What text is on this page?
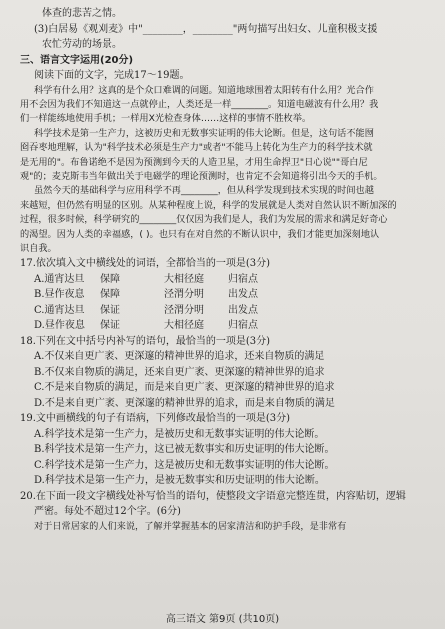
体查的悲苦之情。

(3)白居易《观刈麦》中"________，________"两句描写出妇女、儿童积极支援

农忙劳动的场景。

三、语言文字运用(20分)

阅读下面的文字，完成17～19题。

科学有什么用？这真的是个众口难调的问题。知道地球围着太阳转有什么用？光合作

用不会因为我们不知道这一点就停止，人类还是一样________。知道电磁波有什么用？我

们一样能练地使用手机；一样用X光检查身体……这样的事情不胜枚举。

科学技术是第一生产力，这被历史和无数事实证明的伟大论断。但是，这句话不能囫

囵吞枣地理解，认为"科学技术必须是生产力"或者"不能马上转化为生产力的科学技术就

是无用的"。布鲁诺绝不是因为预测到今天的人造卫星，才用生命捍卫"日心说""哥白尼

观"的；麦克斯韦当年做出关于电磁学的理论预测时，也肯定不会知道将引出今天的手机。

虽然今天的基础科学与应用科学不再________，但从科学发现到技术实现的时间也越

来越短，但仍然有明显的区别。从某种程度上说，科学的发展就是人类对自然认识不断加深的

过程，很多时候，科学研究的________仅仅因为我们是人，我们为发展的需求和满足好奇心

的渴望。因为人类的幸福感，( )。也只有在对自然的不断认识中，我们才能更加深刻地认

识自我。

17.依次填入文中横线处的词语，全都恰当的一项是(3分)

A.通宵达旦	保障	大相径庭	归宿点
B.昼作夜息	保障	泾渭分明	出发点
C.通宵达旦	保证	泾渭分明	出发点
D.昼作夜息	保证	大相径庭	归宿点

18.下列在文中括号内补写的语句，最恰当的一项是(3分)

A.不仅来自更广袤、更深邃的精神世界的追求，还来自物质的满足

B.不仅来自物质的满足，还来自更广袤、更深邃的精神世界的追求

C.不是来自物质的满足，而是来自更广袤、更深邃的精神世界的追求

D.不是来自更广袤、更深邃的精神世界的追求，而是来自物质的满足

19.文中画横线的句子有语病，下列修改最恰当的一项是(3分)

A.科学技术是第一生产力，是被历史和无数事实证明的伟大论断。

B.科学技术是第一生产力，这已被无数事实和历史证明的伟大论断。

C.科学技术是第一生产力，这是被历史和无数事实证明的伟大论断。

D.科学技术是第一生产力，是被无数事实和历史证明的伟大论断。

20.在下面一段文字横线处补写恰当的语句，使整段文字语意完整连贯，内容贴切，逻辑

严密。每处不超过12个字。(6分)

对于日常居家的人们来说，了解并掌握基本的居家清洁和防护手段，是非常有

高三语文 第9页 (共10页)
